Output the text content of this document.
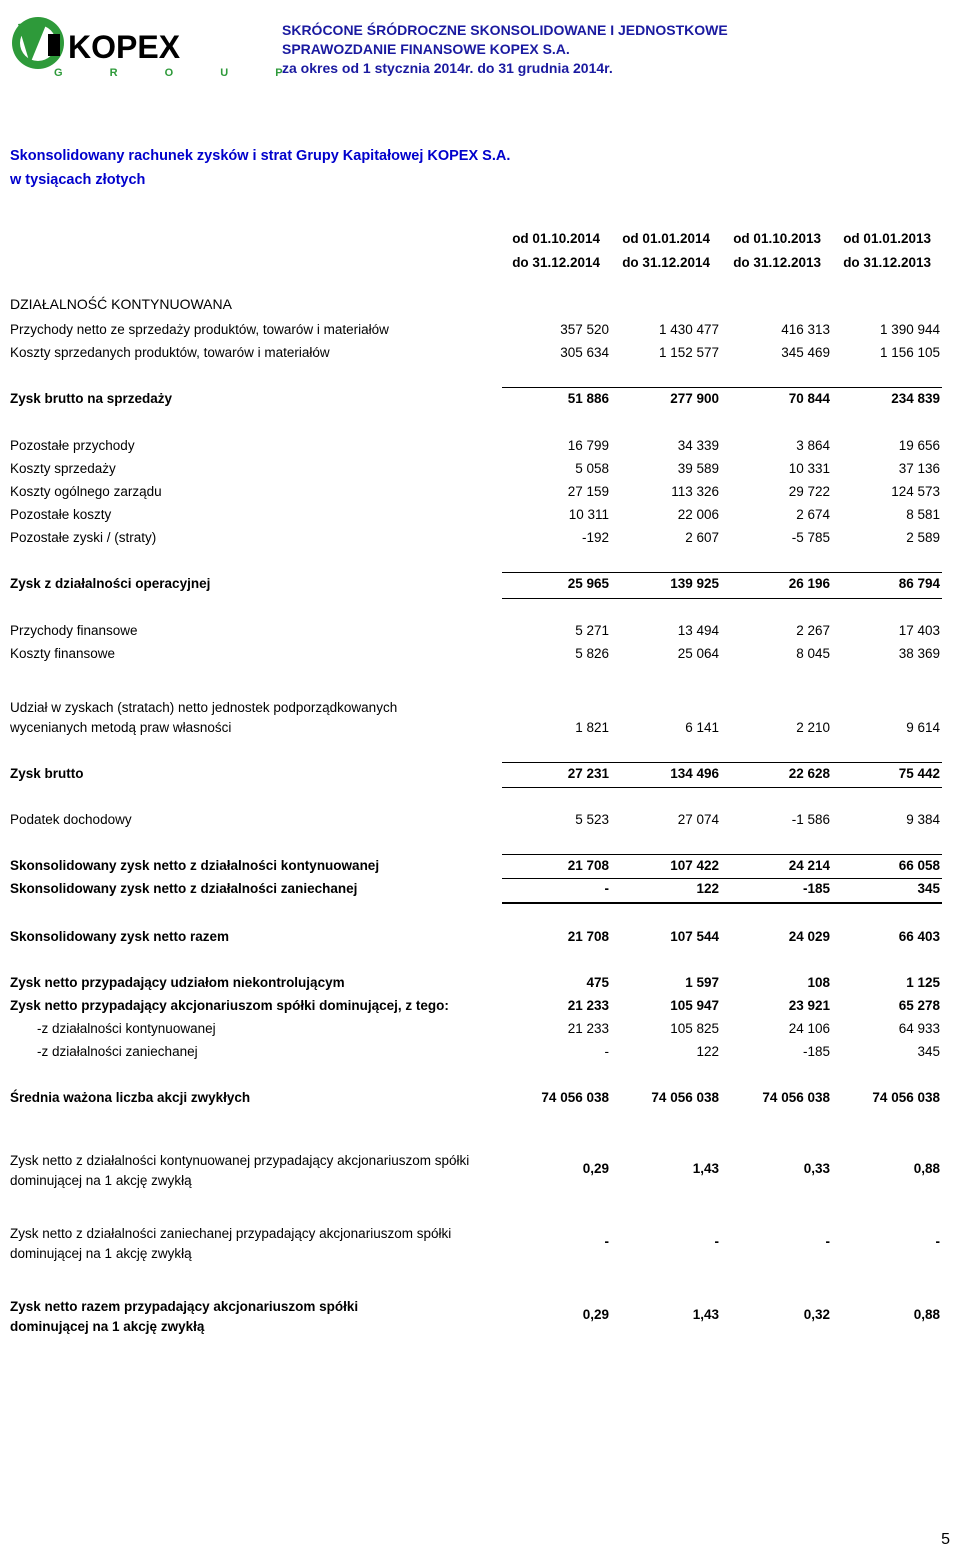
KOPEX
G R O U P
SKRÓCONE ŚRÓDROCZNE SKONSOLIDOWANE I JEDNOSTKOWE
SPRAWOZDANIE FINANSOWE KOPEX S.A.
za okres od 1 stycznia 2014r. do 31 grudnia 2014r.
Skonsolidowany rachunek zysków i strat Grupy Kapitałowej KOPEX S.A.
w tysiącach złotych
od 01.10.2014
do 31.12.2014
od 01.01.2014
do 31.12.2014
od 01.10.2013
do 31.12.2013
od 01.01.2013
do 31.12.2013
DZIAŁALNOŚĆ KONTYNUOWANA
Przychody netto ze sprzedaży produktów, towarów i materiałów	357 520	1 430 477	416 313	1 390 944
Koszty sprzedanych produktów, towarów i materiałów	305 634	1 152 577	345 469	1 156 105
Zysk brutto na sprzedaży	51 886	277 900	70 844	234 839
Pozostałe przychody	16 799	34 339	3 864	19 656
Koszty sprzedaży	5 058	39 589	10 331	37 136
Koszty ogólnego zarządu	27 159	113 326	29 722	124 573
Pozostałe koszty	10 311	22 006	2 674	8 581
Pozostałe zyski / (straty)	-192	2 607	-5 785	2 589
Zysk z działalności operacyjnej	25 965	139 925	26 196	86 794
Przychody finansowe	5 271	13 494	2 267	17 403
Koszty finansowe	5 826	25 064	8 045	38 369
Udział w zyskach (stratach) netto jednostek podporządkowanych
wycenianych metodą praw własności	1 821	6 141	2 210	9 614
Zysk brutto	27 231	134 496	22 628	75 442
Podatek dochodowy	5 523	27 074	-1 586	9 384
Skonsolidowany zysk netto z działalności kontynuowanej	21 708	107 422	24 214	66 058
Skonsolidowany zysk netto z działalności zaniechanej	-	122	-185	345
Skonsolidowany zysk netto razem	21 708	107 544	24 029	66 403
Zysk netto przypadający udziałom niekontrolującym	475	1 597	108	1 125
Zysk netto przypadający akcjonariuszom spółki dominującej, z tego:	21 233	105 947	23 921	65 278
-z działalności kontynuowanej	21 233	105 825	24 106	64 933
-z działalności zaniechanej	-	122	-185	345
Średnia ważona liczba akcji zwykłych	74 056 038	74 056 038	74 056 038	74 056 038
Zysk netto z działalności kontynuowanej przypadający akcjonariuszom spółki
dominującej na 1 akcję zwykłą
0,29	1,43	0,33	0,88
Zysk netto z działalności zaniechanej przypadający akcjonariuszom spółki
dominującej na 1 akcję zwykłą
-	-	-	-
Zysk netto razem przypadający akcjonariuszom spółki
dominującej na 1 akcję zwykłą
0,29	1,43	0,32	0,88
5
